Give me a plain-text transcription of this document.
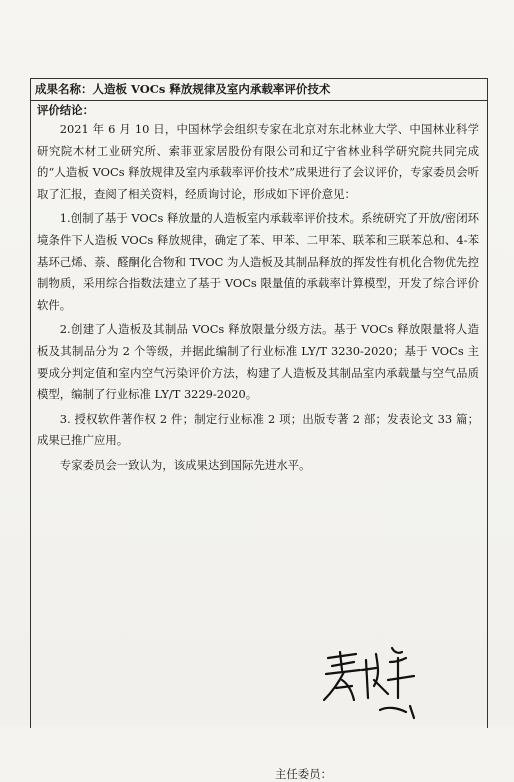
成果名称：人造板 VOCs 释放规律及室内承载率评价技术

评价结论：

2021 年 6 月 10 日，中国林学会组织专家在北京对东北林业大学、中国林业科学研究院木材工业研究所、索菲亚家居股份有限公司和辽宁省林业科学研究院共同完成的“人造板 VOCs 释放规律及室内承载率评价技术”成果进行了会议评价，专家委员会听取了汇报，查阅了相关资料，经质询讨论，形成如下评价意见：

1.创制了基于 VOCs 释放量的人造板室内承载率评价技术。系统研究了开放/密闭环境条件下人造板 VOCs 释放规律，确定了苯、甲苯、二甲苯、联苯和三联苯总和、4-苯基环己烯、萘、醛酮化合物和 TVOC 为人造板及其制品释放的挥发性有机化合物优先控制物质，采用综合指数法建立了基于 VOCs 限量值的承载率计算模型，开发了综合评价软件。

2.创建了人造板及其制品 VOCs 释放限量分级方法。基于 VOCs 释放限量将人造板及其制品分为 2 个等级，并据此编制了行业标准 LY/T 3230-2020；基于 VOCs 主要成分判定值和室内空气污染评价方法，构建了人造板及其制品室内承载量与空气品质模型，编制了行业标准 LY/T 3229-2020。

3. 授权软件著作权 2 件；制定行业标准 2 项；出版专著 2 部；发表论文 33 篇；成果已推广应用。

专家委员会一致认为，该成果达到国际先进水平。

主任委员：
